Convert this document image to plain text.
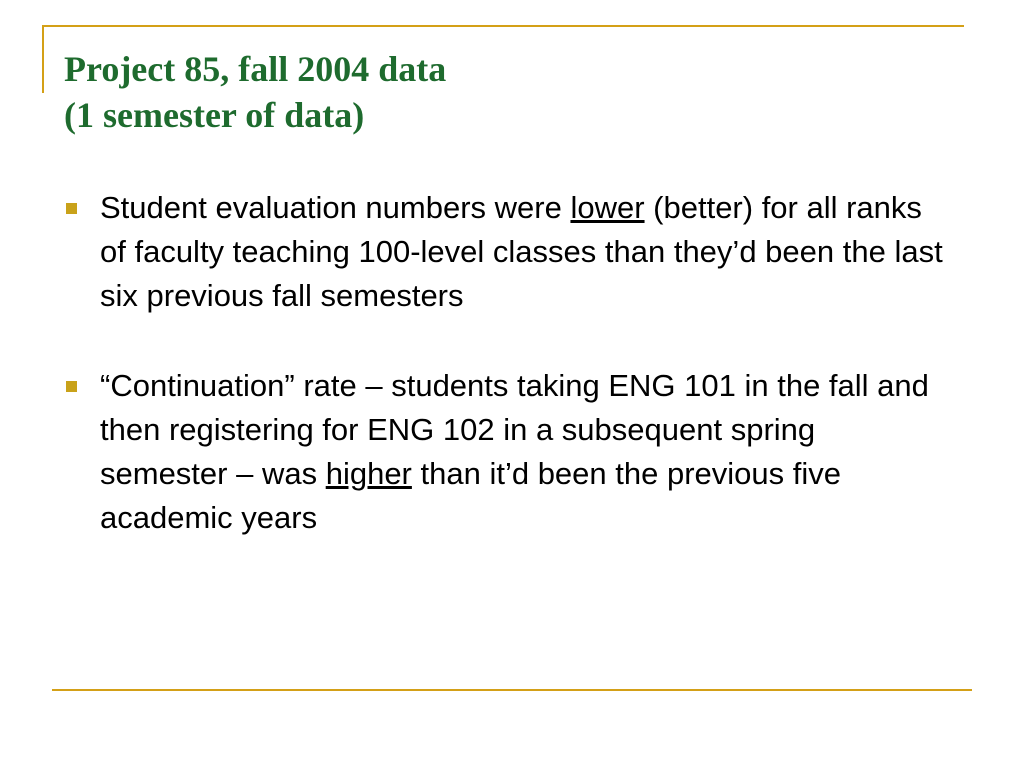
Project 85, fall 2004 data
(1 semester of data)
Student evaluation numbers were lower (better) for all ranks of faculty teaching 100-level classes than they’d been the last six previous fall semesters
“Continuation” rate – students taking ENG 101 in the fall and then registering for ENG 102 in a subsequent spring semester – was higher than it’d been the previous five academic years
